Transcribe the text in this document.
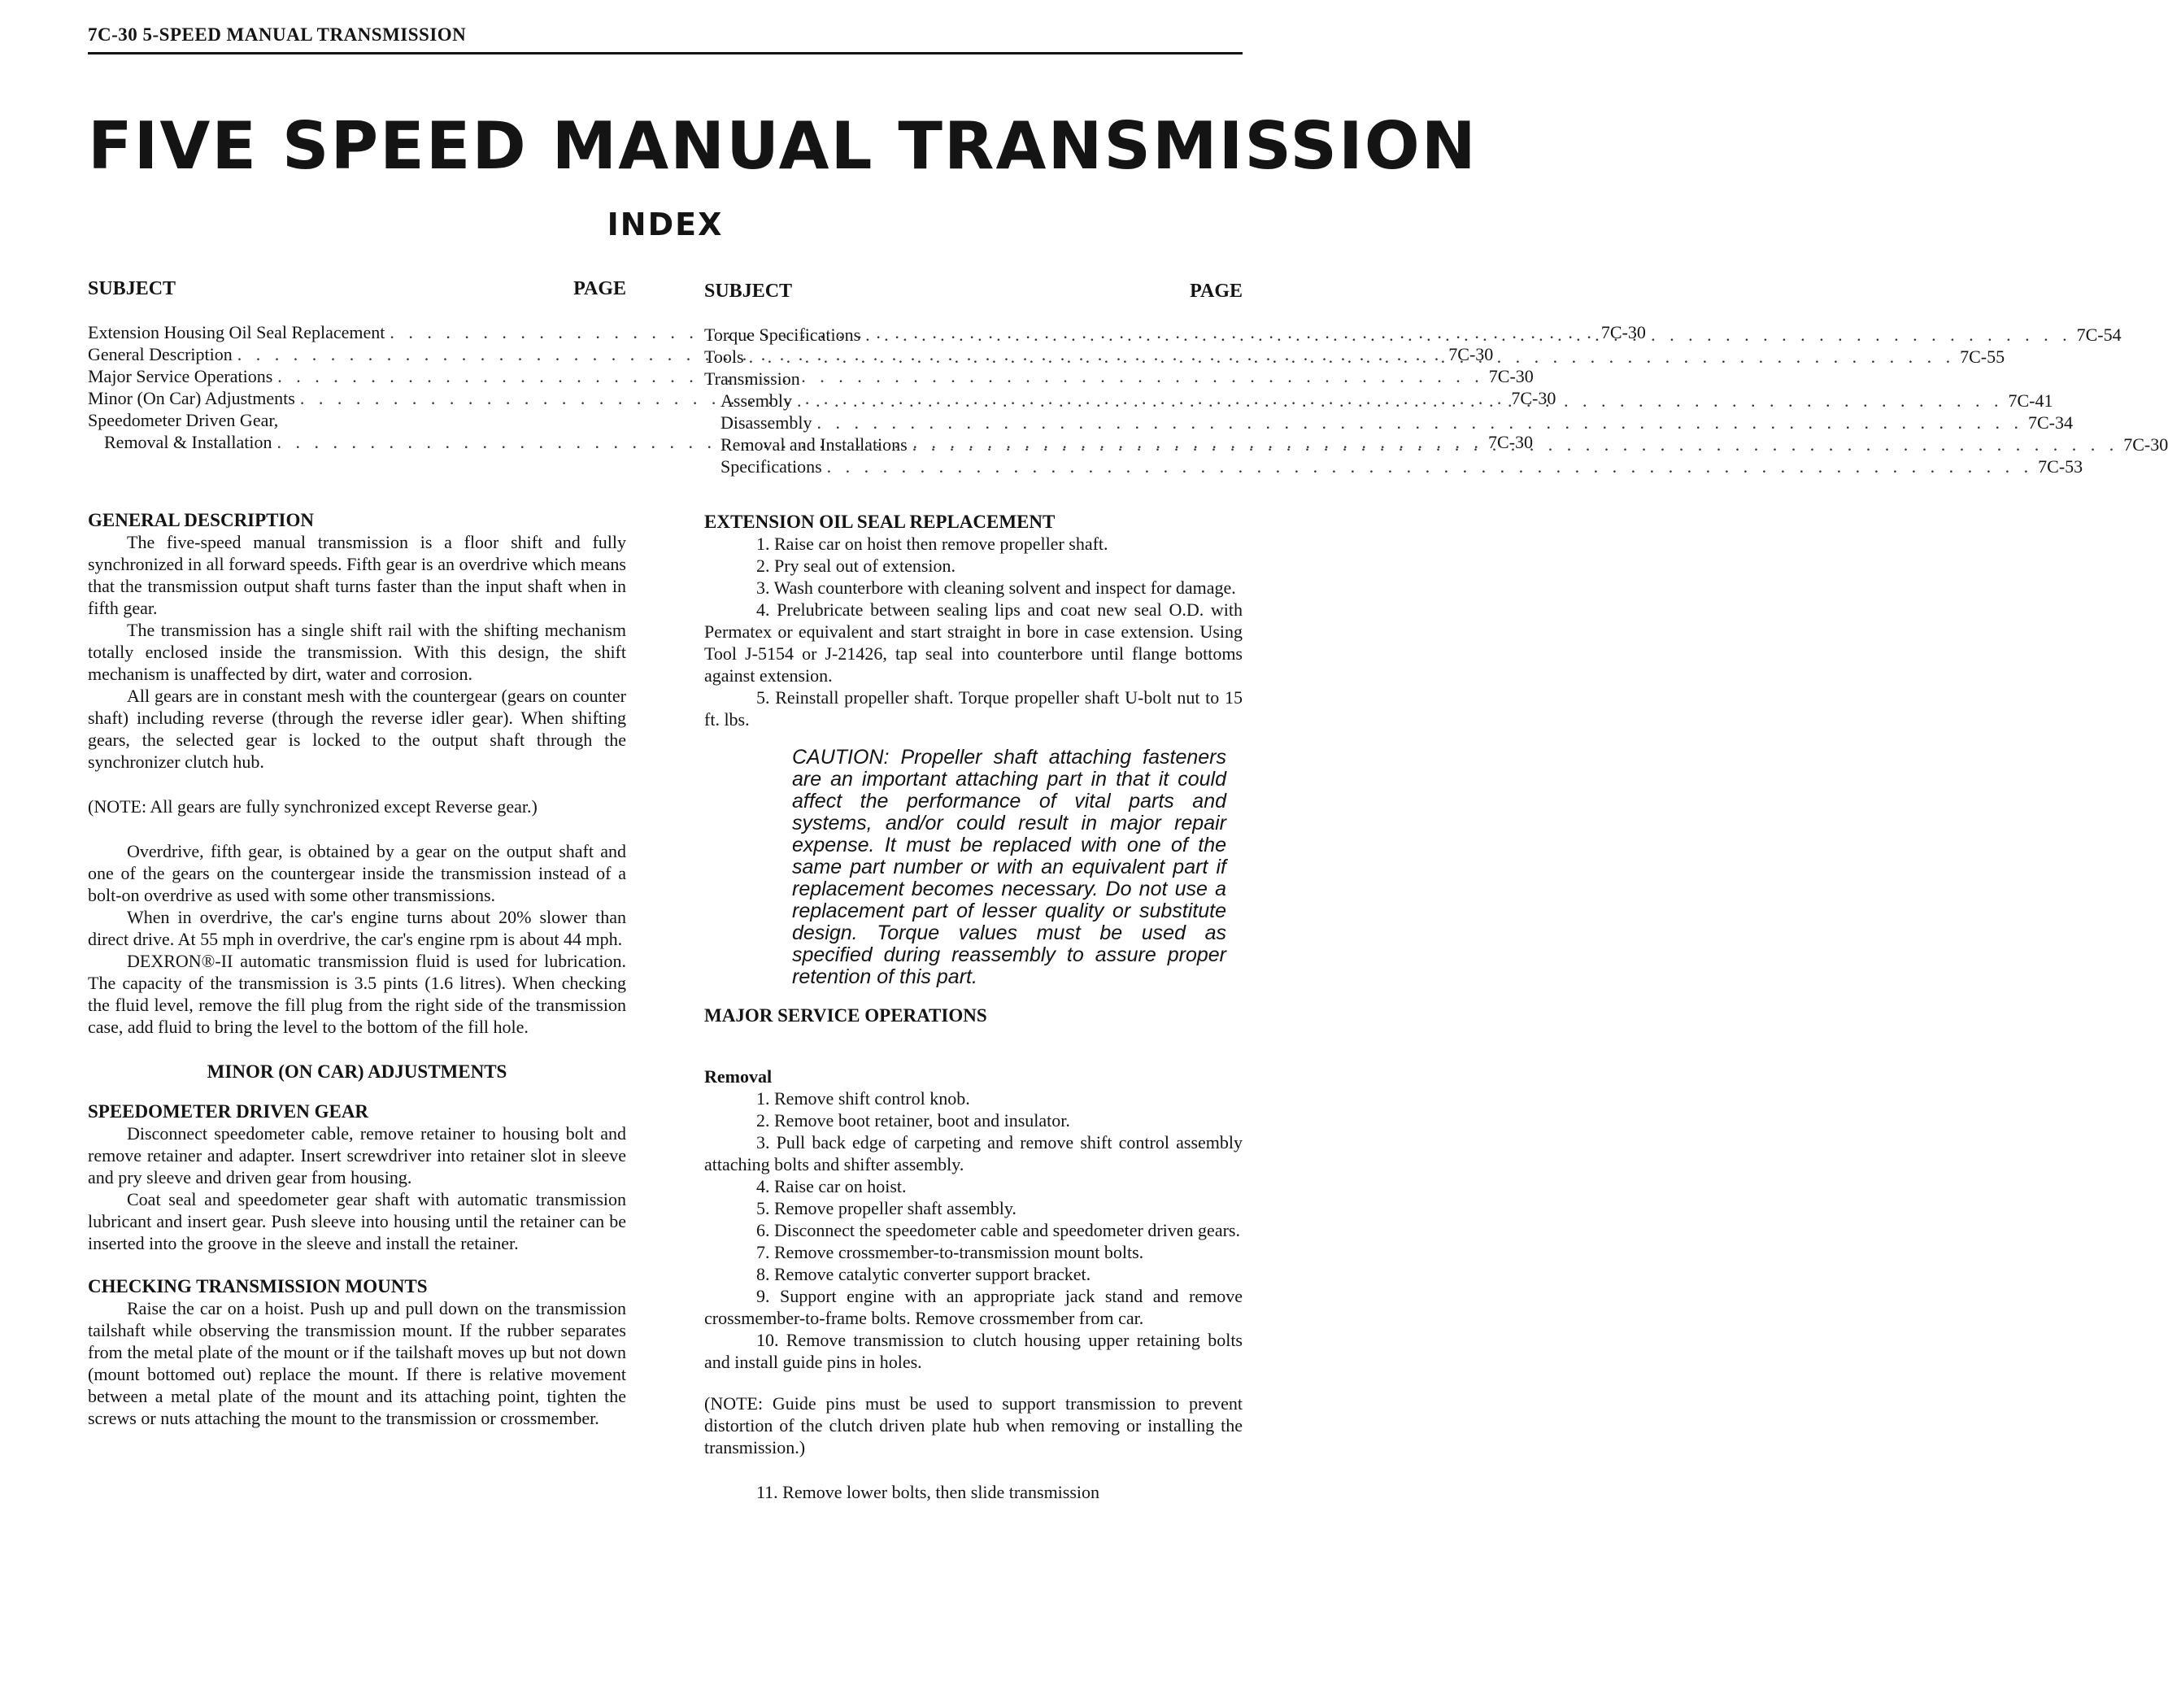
7C-30 5-SPEED MANUAL TRANSMISSION
FIVE SPEED MANUAL TRANSMISSION
INDEX
SUBJECT	PAGE
Extension Housing Oil Seal Replacement . . .	7C-30
General Description . . .	7C-30
Major Service Operations . . .	7C-30
Minor (On Car) Adjustments . . .	7C-30
Speedometer Driven Gear,
Removal & Installation . . .	7C-30
SUBJECT	PAGE
Torque Specifications . . .	7C-54
Tools . . .	7C-55
Transmission
Assembly . . .	7C-41
Disassembly . . .	7C-34
Removal and Installations . . .	7C-30
Specifications . . .	7C-53
GENERAL DESCRIPTION

The five-speed manual transmission is a floor shift and fully synchronized in all forward speeds. Fifth gear is an overdrive which means that the transmission output shaft turns faster than the input shaft when in fifth gear.

The transmission has a single shift rail with the shifting mechanism totally enclosed inside the transmission. With this design, the shift mechanism is unaffected by dirt, water and corrosion.

All gears are in constant mesh with the countergear (gears on counter shaft) including reverse (through the reverse idler gear). When shifting gears, the selected gear is locked to the output shaft through the synchronizer clutch hub.

(NOTE: All gears are fully synchronized except Reverse gear.)

Overdrive, fifth gear, is obtained by a gear on the output shaft and one of the gears on the countergear inside the transmission instead of a bolt-on overdrive as used with some other transmissions.

When in overdrive, the car's engine turns about 20% slower than direct drive. At 55 mph in overdrive, the car's engine rpm is about 44 mph.

DEXRON®-II automatic transmission fluid is used for lubrication. The capacity of the transmission is 3.5 pints (1.6 litres). When checking the fluid level, remove the fill plug from the right side of the transmission case, add fluid to bring the level to the bottom of the fill hole.

MINOR (ON CAR) ADJUSTMENTS
SPEEDOMETER DRIVEN GEAR

Disconnect speedometer cable, remove retainer to housing bolt and remove retainer and adapter. Insert screwdriver into retainer slot in sleeve and pry sleeve and driven gear from housing.

Coat seal and speedometer gear shaft with automatic transmission lubricant and insert gear. Push sleeve into housing until the retainer can be inserted into the groove in the sleeve and install the retainer.

CHECKING TRANSMISSION MOUNTS

Raise the car on a hoist. Push up and pull down on the transmission tailshaft while observing the transmission mount. If the rubber separates from the metal plate of the mount or if the tailshaft moves up but not down (mount bottomed out) replace the mount. If there is relative movement between a metal plate of the mount and its attaching point, tighten the screws or nuts attaching the mount to the transmission or crossmember.

EXTENSION OIL SEAL REPLACEMENT

1. Raise car on hoist then remove propeller shaft.

2. Pry seal out of extension.

3. Wash counterbore with cleaning solvent and inspect for damage.

4. Prelubricate between sealing lips and coat new seal O.D. with Permatex or equivalent and start straight in bore in case extension. Using Tool J-5154 or J-21426, tap seal into counterbore until flange bottoms against extension.

5. Reinstall propeller shaft. Torque propeller shaft U-bolt nut to 15 ft. lbs.

CAUTION: Propeller shaft attaching fasteners are an important attaching part in that it could affect the performance of vital parts and systems, and/or could result in major repair expense. It must be replaced with one of the same part number or with an equivalent part if replacement becomes necessary. Do not use a replacement part of lesser quality or substitute design. Torque values must be used as specified during reassembly to assure proper retention of this part.

MAJOR SERVICE OPERATIONS
Removal

1. Remove shift control knob.

2. Remove boot retainer, boot and insulator.

3. Pull back edge of carpeting and remove shift control assembly attaching bolts and shifter assembly.

4. Raise car on hoist.

5. Remove propeller shaft assembly.

6. Disconnect the speedometer cable and speedometer driven gears.

7. Remove crossmember-to-transmission mount bolts.

8. Remove catalytic converter support bracket.

9. Support engine with an appropriate jack stand and remove crossmember-to-frame bolts. Remove crossmember from car.

10. Remove transmission to clutch housing upper retaining bolts and install guide pins in holes.

(NOTE: Guide pins must be used to support transmission to prevent distortion of the clutch driven plate hub when removing or installing the transmission.)

11. Remove lower bolts, then slide transmission
